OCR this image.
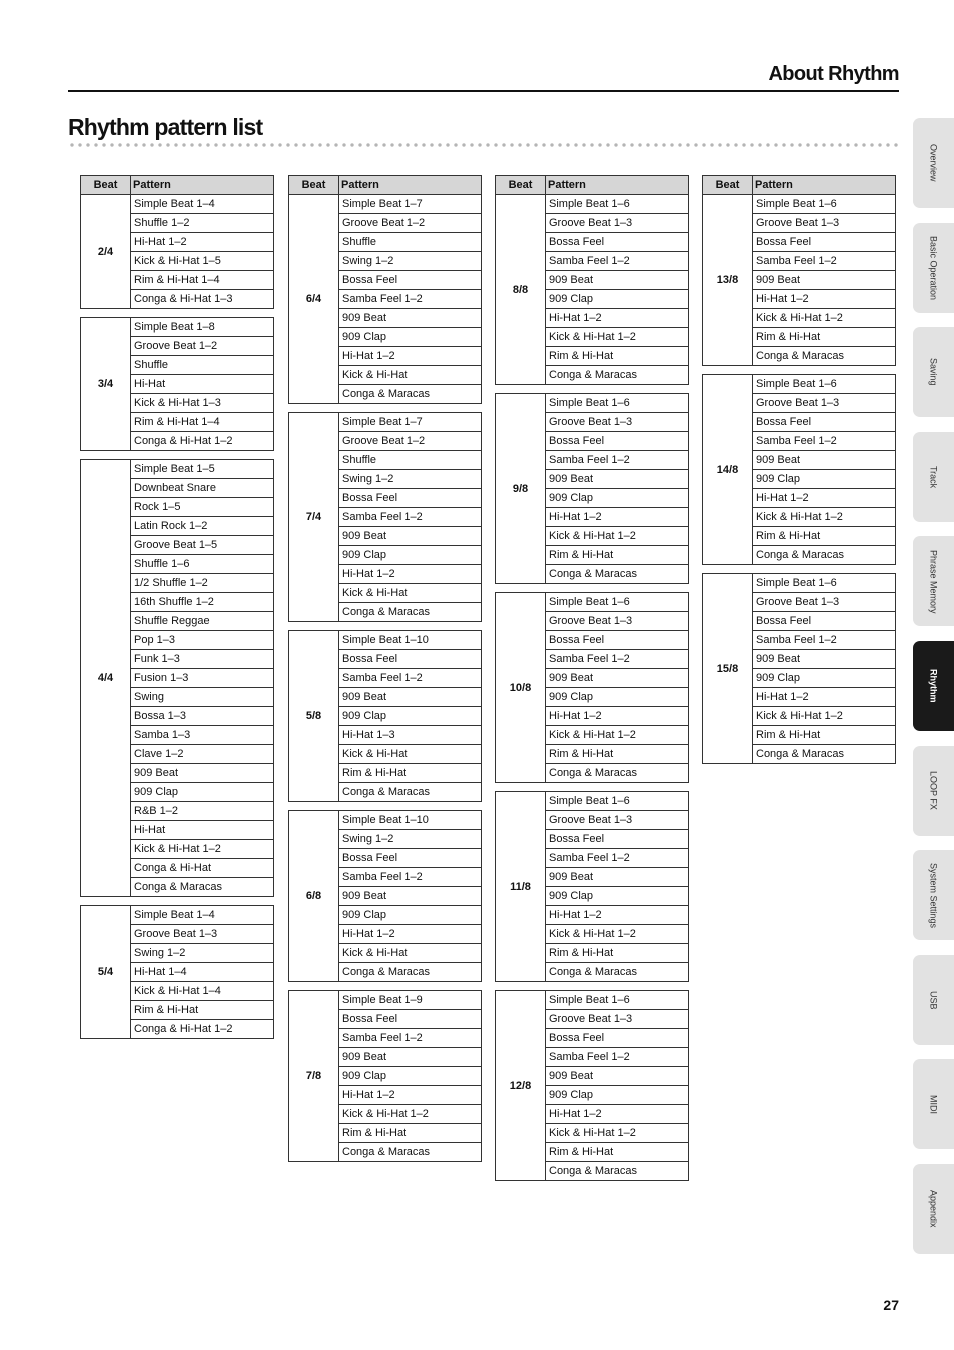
About Rhythm
Rhythm pattern list
Beat	Pattern
2/4	Simple Beat 1–4
	Shuffle 1–2
	Hi-Hat 1–2
	Kick & Hi-Hat 1–5
	Rim & Hi-Hat 1–4
	Conga & Hi-Hat 1–3

3/4	Simple Beat 1–8
	Groove Beat 1–2
	Shuffle
	Hi-Hat
	Kick & Hi-Hat 1–3
	Rim & Hi-Hat 1–4
	Conga & Hi-Hat 1–2

4/4	Simple Beat 1–5
	Downbeat Snare
	Rock 1–5
	Latin Rock 1–2
	Groove Beat 1–5
	Shuffle 1–6
	1/2 Shuffle 1–2
	16th Shuffle 1–2
	Shuffle Reggae
	Pop 1–3
	Funk 1–3
	Fusion 1–3
	Swing
	Bossa 1–3
	Samba 1–3
	Clave 1–2
	909 Beat
	909 Clap
	R&B 1–2
	Hi-Hat
	Kick & Hi-Hat 1–2
	Conga & Hi-Hat
	Conga & Maracas

5/4	Simple Beat 1–4
	Groove Beat 1–3
	Swing 1–2
	Hi-Hat 1–4
	Kick & Hi-Hat 1–4
	Rim & Hi-Hat
	Conga & Hi-Hat 1–2
Beat	Pattern
6/4	Simple Beat 1–7
	Groove Beat 1–2
	Shuffle
	Swing 1–2
	Bossa Feel
	Samba Feel 1–2
	909 Beat
	909 Clap
	Hi-Hat 1–2
	Kick & Hi-Hat
	Conga & Maracas

7/4	Simple Beat 1–7
	Groove Beat 1–2
	Shuffle
	Swing 1–2
	Bossa Feel
	Samba Feel 1–2
	909 Beat
	909 Clap
	Hi-Hat 1–2
	Kick & Hi-Hat
	Conga & Maracas

5/8	Simple Beat 1–10
	Bossa Feel
	Samba Feel 1–2
	909 Beat
	909 Clap
	Hi-Hat 1–3
	Kick & Hi-Hat
	Rim & Hi-Hat
	Conga & Maracas

6/8	Simple Beat 1–10
	Swing 1–2
	Bossa Feel
	Samba Feel 1–2
	909 Beat
	909 Clap
	Hi-Hat 1–2
	Kick & Hi-Hat
	Conga & Maracas

7/8	Simple Beat 1–9
	Bossa Feel
	Samba Feel 1–2
	909 Beat
	909 Clap
	Hi-Hat 1–2
	Kick & Hi-Hat 1–2
	Rim & Hi-Hat
	Conga & Maracas
Beat	Pattern
8/8	Simple Beat 1–6
	Groove Beat 1–3
	Bossa Feel
	Samba Feel 1–2
	909 Beat
	909 Clap
	Hi-Hat 1–2
	Kick & Hi-Hat 1–2
	Rim & Hi-Hat
	Conga & Maracas

9/8	Simple Beat 1–6
	Groove Beat 1–3
	Bossa Feel
	Samba Feel 1–2
	909 Beat
	909 Clap
	Hi-Hat 1–2
	Kick & Hi-Hat 1–2
	Rim & Hi-Hat
	Conga & Maracas

10/8	Simple Beat 1–6
	Groove Beat 1–3
	Bossa Feel
	Samba Feel 1–2
	909 Beat
	909 Clap
	Hi-Hat 1–2
	Kick & Hi-Hat 1–2
	Rim & Hi-Hat
	Conga & Maracas

11/8	Simple Beat 1–6
	Groove Beat 1–3
	Bossa Feel
	Samba Feel 1–2
	909 Beat
	909 Clap
	Hi-Hat 1–2
	Kick & Hi-Hat 1–2
	Rim & Hi-Hat
	Conga & Maracas

12/8	Simple Beat 1–6
	Groove Beat 1–3
	Bossa Feel
	Samba Feel 1–2
	909 Beat
	909 Clap
	Hi-Hat 1–2
	Kick & Hi-Hat 1–2
	Rim & Hi-Hat
	Conga & Maracas
Beat	Pattern
13/8	Simple Beat 1–6
	Groove Beat 1–3
	Bossa Feel
	Samba Feel 1–2
	909 Beat
	Hi-Hat 1–2
	Kick & Hi-Hat 1–2
	Rim & Hi-Hat
	Conga & Maracas

14/8	Simple Beat 1–6
	Groove Beat 1–3
	Bossa Feel
	Samba Feel 1–2
	909 Beat
	909 Clap
	Hi-Hat 1–2
	Kick & Hi-Hat 1–2
	Rim & Hi-Hat
	Conga & Maracas

15/8	Simple Beat 1–6
	Groove Beat 1–3
	Bossa Feel
	Samba Feel 1–2
	909 Beat
	909 Clap
	Hi-Hat 1–2
	Kick & Hi-Hat 1–2
	Rim & Hi-Hat
	Conga & Maracas
Overview
Basic Operation
Saving
Track
Phrase Memory
Rhythm
LOOP FX
System Settings
USB
MIDI
Appendix
27
